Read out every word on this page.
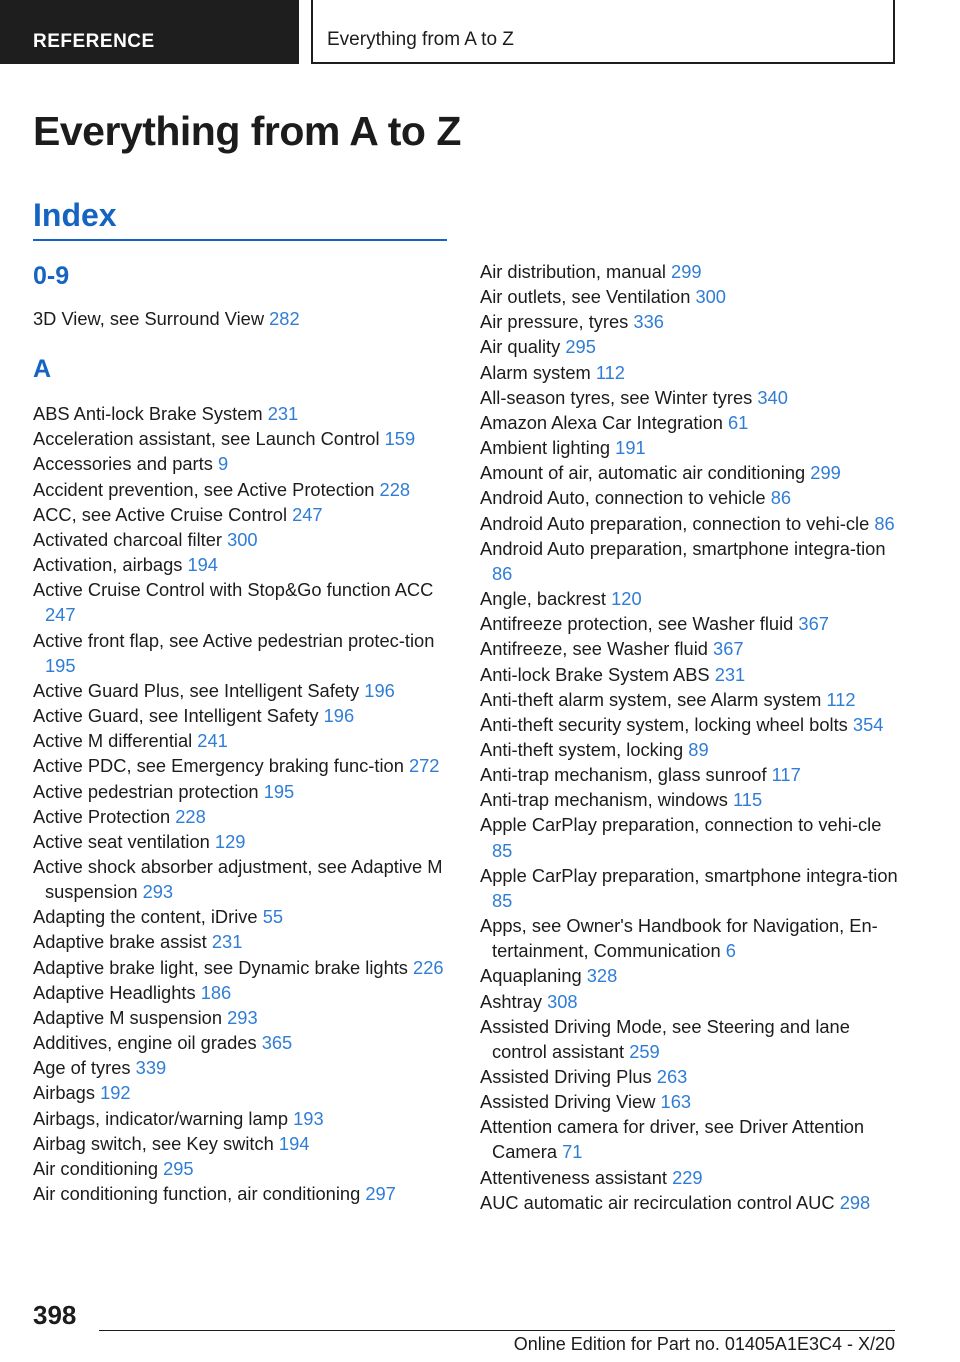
REFERENCE	Everything from A to Z
Everything from A to Z
Index
0-9
3D View, see Surround View 282
A
ABS Anti-lock Brake System 231
Acceleration assistant, see Launch Control 159
Accessories and parts 9
Accident prevention, see Active Protection 228
ACC, see Active Cruise Control 247
Activated charcoal filter 300
Activation, airbags 194
Active Cruise Control with Stop&Go function ACC 247
Active front flap, see Active pedestrian protec-tion 195
Active Guard Plus, see Intelligent Safety 196
Active Guard, see Intelligent Safety 196
Active M differential 241
Active PDC, see Emergency braking func-tion 272
Active pedestrian protection 195
Active Protection 228
Active seat ventilation 129
Active shock absorber adjustment, see Adaptive M suspension 293
Adapting the content, iDrive 55
Adaptive brake assist 231
Adaptive brake light, see Dynamic brake lights 226
Adaptive Headlights 186
Adaptive M suspension 293
Additives, engine oil grades 365
Age of tyres 339
Airbags 192
Airbags, indicator/warning lamp 193
Airbag switch, see Key switch 194
Air conditioning 295
Air conditioning function, air conditioning 297
Air distribution, manual 299
Air outlets, see Ventilation 300
Air pressure, tyres 336
Air quality 295
Alarm system 112
All-season tyres, see Winter tyres 340
Amazon Alexa Car Integration 61
Ambient lighting 191
Amount of air, automatic air conditioning 299
Android Auto, connection to vehicle 86
Android Auto preparation, connection to vehi-cle 86
Android Auto preparation, smartphone integra-tion 86
Angle, backrest 120
Antifreeze protection, see Washer fluid 367
Antifreeze, see Washer fluid 367
Anti-lock Brake System ABS 231
Anti-theft alarm system, see Alarm system 112
Anti-theft security system, locking wheel bolts 354
Anti-theft system, locking 89
Anti-trap mechanism, glass sunroof 117
Anti-trap mechanism, windows 115
Apple CarPlay preparation, connection to vehi-cle 85
Apple CarPlay preparation, smartphone integra-tion 85
Apps, see Owner's Handbook for Navigation, En-tertainment, Communication 6
Aquaplaning 328
Ashtray 308
Assisted Driving Mode, see Steering and lane control assistant 259
Assisted Driving Plus 263
Assisted Driving View 163
Attention camera for driver, see Driver Attention Camera 71
Attentiveness assistant 229
AUC automatic air recirculation control AUC 298
398
Online Edition for Part no. 01405A1E3C4 - X/20
